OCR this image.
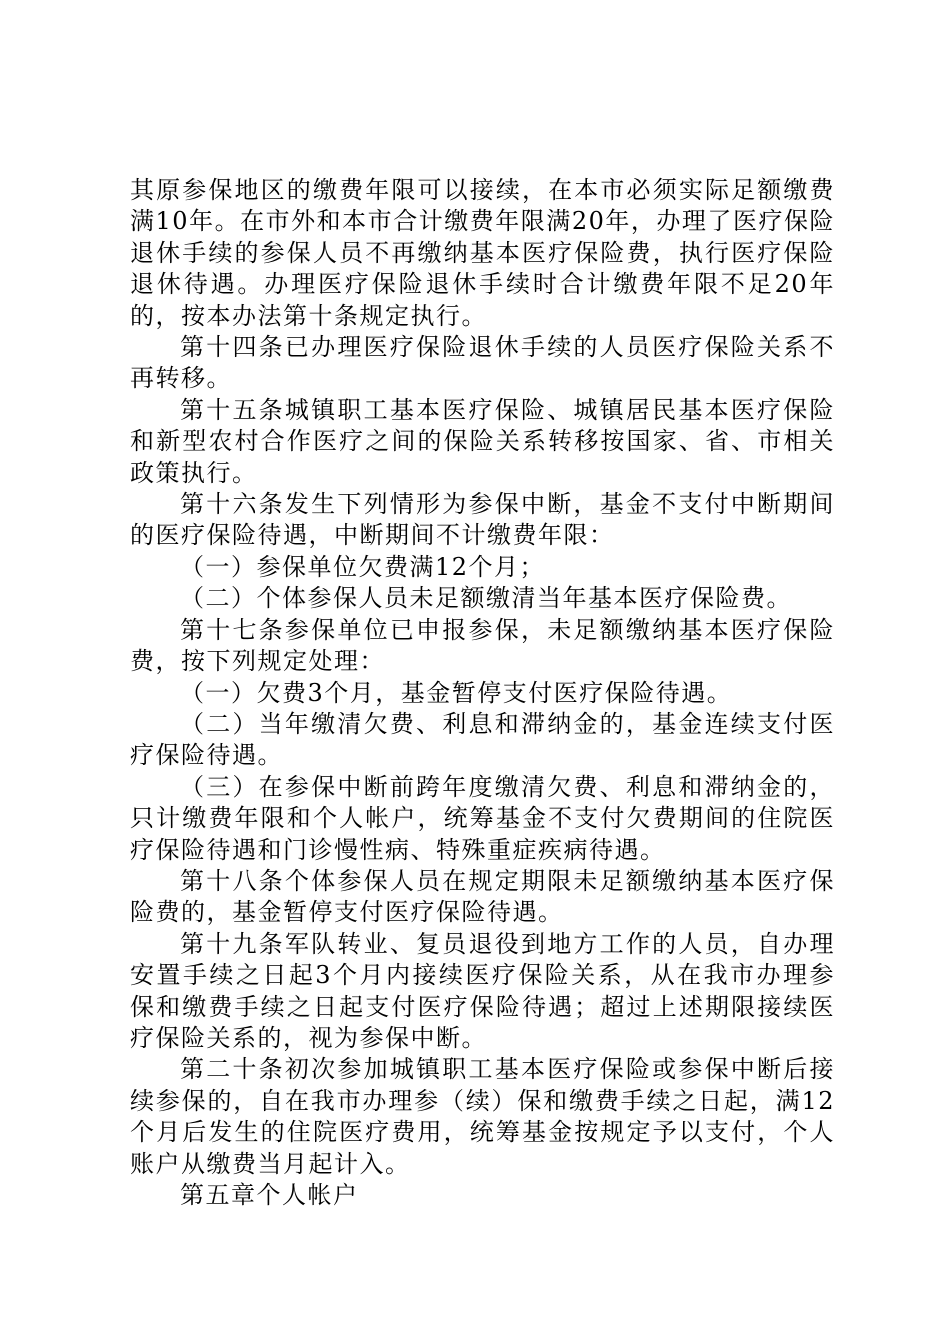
其原参保地区的缴费年限可以接续，在本市必须实际足额缴费满10年。在市外和本市合计缴费年限满20年，办理了医疗保险退休手续的参保人员不再缴纳基本医疗保险费，执行医疗保险退休待遇。办理医疗保险退休手续时合计缴费年限不足20年的，按本办法第十条规定执行。

第十四条已办理医疗保险退休手续的人员医疗保险关系不再转移。

第十五条城镇职工基本医疗保险、城镇居民基本医疗保险和新型农村合作医疗之间的保险关系转移按国家、省、市相关政策执行。

第十六条发生下列情形为参保中断，基金不支付中断期间的医疗保险待遇，中断期间不计缴费年限：

（一）参保单位欠费满12个月；

（二）个体参保人员未足额缴清当年基本医疗保险费。

第十七条参保单位已申报参保，未足额缴纳基本医疗保险费，按下列规定处理：

（一）欠费3个月，基金暂停支付医疗保险待遇。

（二）当年缴清欠费、利息和滞纳金的，基金连续支付医疗保险待遇。

（三）在参保中断前跨年度缴清欠费、利息和滞纳金的，只计缴费年限和个人帐户，统筹基金不支付欠费期间的住院医疗保险待遇和门诊慢性病、特殊重症疾病待遇。

第十八条个体参保人员在规定期限未足额缴纳基本医疗保险费的，基金暂停支付医疗保险待遇。

第十九条军队转业、复员退役到地方工作的人员，自办理安置手续之日起3个月内接续医疗保险关系，从在我市办理参保和缴费手续之日起支付医疗保险待遇；超过上述期限接续医疗保险关系的，视为参保中断。

第二十条初次参加城镇职工基本医疗保险或参保中断后接续参保的，自在我市办理参（续）保和缴费手续之日起，满12个月后发生的住院医疗费用，统筹基金按规定予以支付，个人账户从缴费当月起计入。

第五章个人帐户
